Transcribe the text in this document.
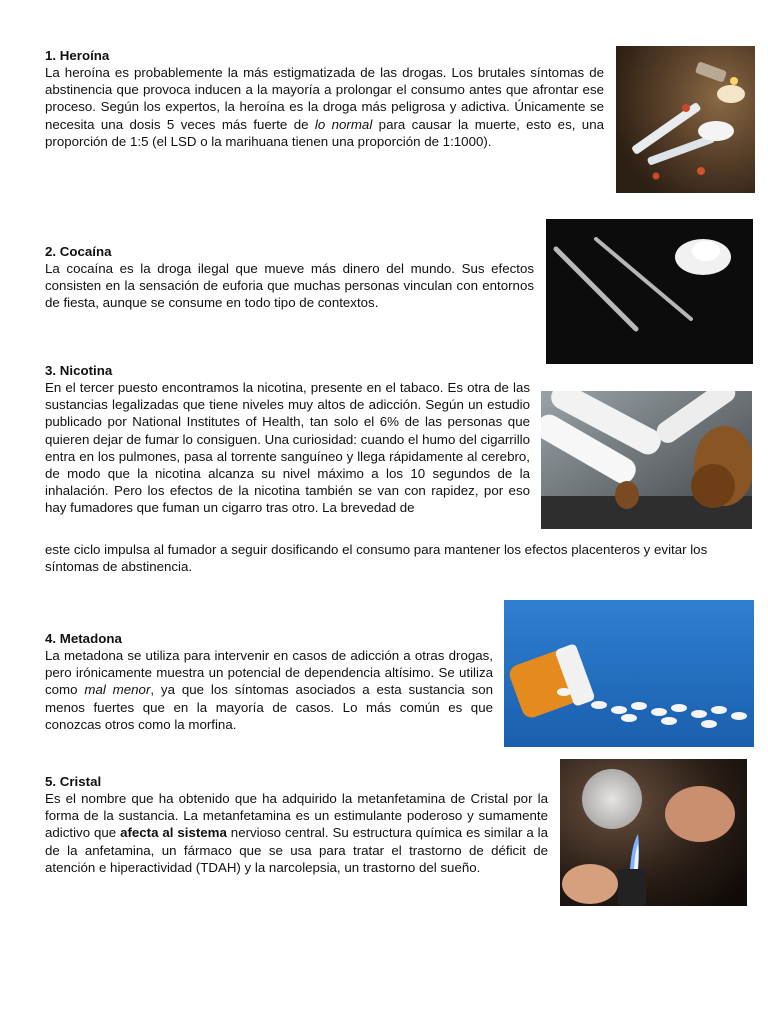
1. Heroína

La heroína es probablemente la más estigmatizada de las drogas. Los brutales síntomas de abstinencia que provoca inducen a la mayoría a prolongar el consumo antes que afrontar ese proceso. Según los expertos, la heroína es la droga más peligrosa y adictiva. Únicamente se necesita una dosis 5 veces más fuerte de lo normal para causar la muerte, esto es, una proporción de 1:5 (el LSD o la marihuana tienen una proporción de 1:1000).

2. Cocaína

La cocaína es la droga ilegal que mueve más dinero del mundo. Sus efectos consisten en la sensación de euforia que muchas personas vinculan con entornos de fiesta, aunque se consume en todo tipo de contextos.

3. Nicotina

En el tercer puesto encontramos la nicotina, presente en el tabaco. Es otra de las sustancias legalizadas que tiene niveles muy altos de adicción. Según un estudio publicado por National Institutes of Health, tan solo el 6% de las personas que quieren dejar de fumar lo consiguen. Una curiosidad: cuando el humo del cigarrillo entra en los pulmones, pasa al torrente sanguíneo y llega rápidamente al cerebro, de modo que la nicotina alcanza su nivel máximo a los 10 segundos de la inhalación. Pero los efectos de la nicotina también se van con rapidez, por eso hay fumadores que fuman un cigarro tras otro. La brevedad de

este ciclo impulsa al fumador a seguir dosificando el consumo para mantener los efectos placenteros y evitar los síntomas de abstinencia.

4. Metadona

La metadona se utiliza para intervenir en casos de adicción a otras drogas, pero irónicamente muestra un potencial de dependencia altísimo. Se utiliza como mal menor, ya que los síntomas asociados a esta sustancia son menos fuertes que en la mayoría de casos. Lo más común es que conozcas otros como la morfina.

5. Cristal

Es el nombre que ha obtenido que ha adquirido la metanfetamina de Cristal por la forma de la sustancia. La metanfetamina es un estimulante poderoso y sumamente adictivo que afecta al sistema nervioso central. Su estructura química es similar a la de la anfetamina, un fármaco que se usa para tratar el trastorno de déficit de atención e hiperactividad (TDAH) y la narcolepsia, un trastorno del sueño.
